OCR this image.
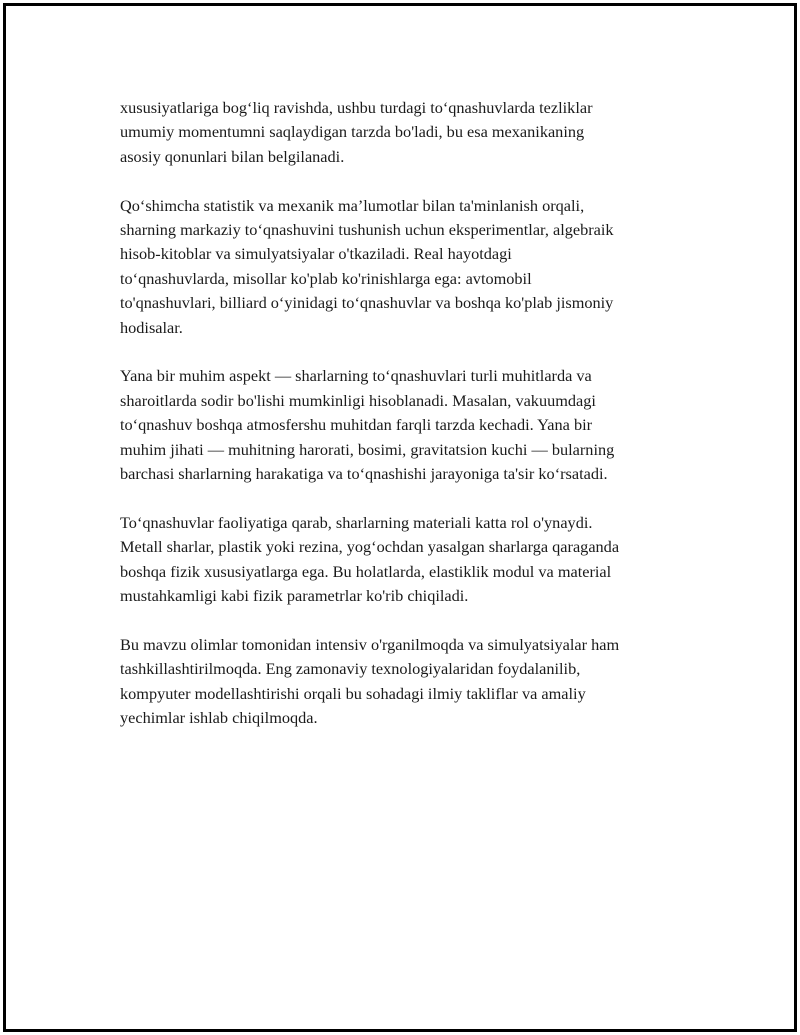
xususiyatlariga bog‘liq ravishda, ushbu turdagi to‘qnashuvlarda tezliklar
umumiy momentumni saqlaydigan tarzda bo'ladi, bu esa mexanikaning
asosiy qonunlari bilan belgilanadi.
Qo‘shimcha statistik va mexanik ma’lumotlar bilan ta'minlanish orqali,
sharning markaziy to‘qnashuvini tushunish uchun eksperimentlar, algebraik
hisob-kitoblar va simulyatsiyalar o'tkaziladi. Real hayotdagi
to‘qnashuvlarda, misollar ko'plab ko'rinishlarga ega: avtomobil
to'qnashuvlari, billiard o‘yinidagi to‘qnashuvlar va boshqa ko'plab jismoniy
hodisalar.
Yana bir muhim aspekt — sharlarning to‘qnashuvlari turli muhitlarda va
sharoitlarda sodir bo'lishi mumkinligi hisoblanadi. Masalan, vakuumdagi
to‘qnashuv boshqa atmosfershu muhitdan farqli tarzda kechadi. Yana bir
muhim jihati — muhitning harorati, bosimi, gravitatsion kuchi — bularning
barchasi sharlarning harakatiga va to‘qnashishi jarayoniga ta'sir ko‘rsatadi.
To‘qnashuvlar faoliyatiga qarab, sharlarning materiali katta rol o'ynaydi.
Metall sharlar, plastik yoki rezina, yog‘ochdan yasalgan sharlarga qaraganda
boshqa fizik xususiyatlarga ega. Bu holatlarda, elastiklik modul va material
mustahkamligi kabi fizik parametrlar ko'rib chiqiladi.
Bu mavzu olimlar tomonidan intensiv o'rganilmoqda va simulyatsiyalar ham
tashkillashtirilmoqda. Eng zamonaviy texnologiyalaridan foydalanilib,
kompyuter modellashtirishi orqali bu sohadagi ilmiy takliflar va amaliy
yechimlar ishlab chiqilmoqda.
